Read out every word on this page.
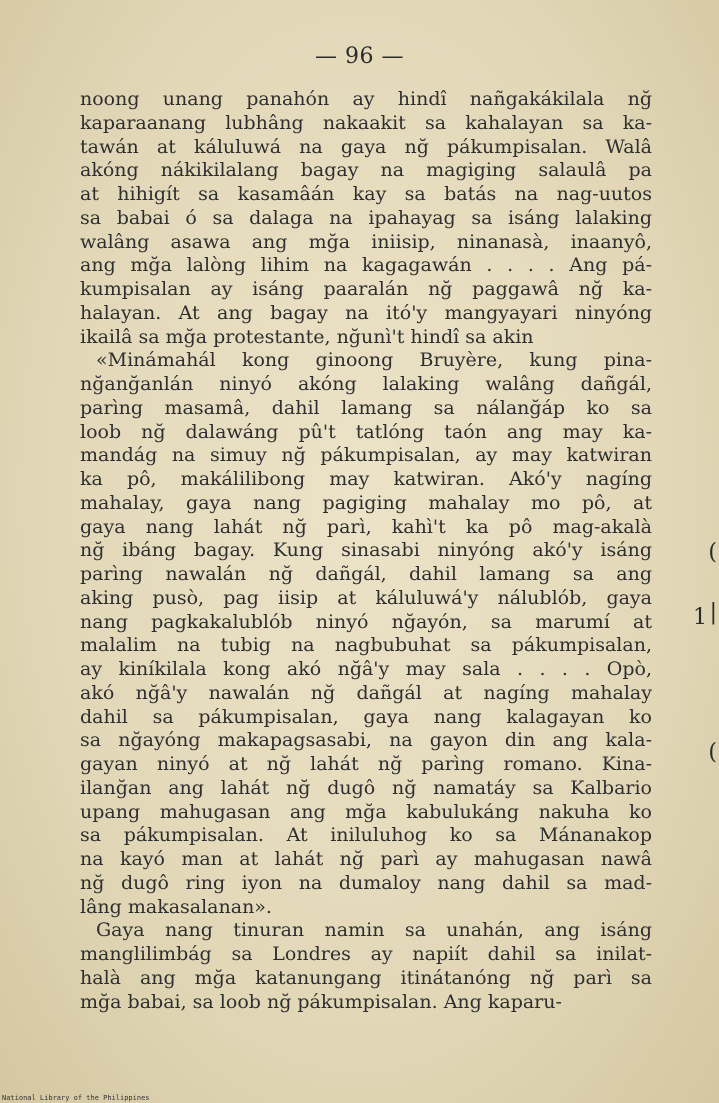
— 96 —
noong unang panahón ay hindî nañgakákilala nğ
kaparaanang lubhâng nakaakit sa kahalayan sa ka-
tawán at káluluwá na gaya nğ pákumpisalan. Walâ
akóng nákikilalang bagay na magiging salaulâ pa
at hihigít sa kasamâán kay sa batás na nag-uutos
sa babai ó sa dalaga na ipahayag sa isáng lalaking
walâng asawa ang mğa iniisip, ninanasà, inaanyô,
ang mğa lalòng lihim na kagagawán . . . . Ang pá-
kumpisalan ay isáng paaralán nğ paggawâ nğ ka-
halayan. At ang bagay na itó'y mangyayari ninyóng
ikailâ sa mğa protestante, nğunì't hindî sa akin
«Minámahál kong ginoong Bruyère, kung pina-
nğanğanlán ninyó akóng lalaking walâng dañgál,
parìng masamâ, dahil lamang sa nálanğáp ko sa
loob nğ dalawáng pû't tatlóng taón ang may ka-
mandág na simuy nğ pákumpisalan, ay may katwiran
ka pô, makálilibong may katwiran. Akó'y nagíng
mahalay, gaya nang pagiging mahalay mo pô, at
gaya nang lahát nğ parì, kahì't ka pô mag-akalà
nğ ibáng bagay. Kung sinasabi ninyóng akó'y isáng
parìng nawalán nğ dañgál, dahil lamang sa ang
aking pusò, pag iisip at káluluwá'y nálublób, gaya
nang pagkakalublób ninyó nğayón, sa marumí at
malalim na tubig na nagbubuhat sa pákumpisalan,
ay kiníkilala kong akó nğâ'y may sala . . . . Opò,
akó nğâ'y nawalán nğ dañgál at nagíng mahalay
dahil sa pákumpisalan, gaya nang kalagayan ko
sa nğayóng makapagsasabi, na gayon din ang kala-
gayan ninyó at nğ lahát nğ parìng romano. Kina-
ilanğan ang lahát nğ dugô nğ namatáy sa Kalbario
upang mahugasan ang mğa kabulukáng nakuha ko
sa pákumpisalan. At iniluluhog ko sa Mánanakop
na kayó man at lahát nğ parì ay mahugasan nawâ
nğ dugô ring iyon na dumaloy nang dahil sa mad-
lâng makasalanan».
Gaya nang tinuran namin sa unahán, ang isáng
manglilimbág sa Londres ay napiít dahil sa inilat-
halà ang mğa katanungang itinátanóng nğ parì sa
mğa babai, sa loob nğ pákumpisalan. Ang kaparu-
(
|
1
(
National Library of the Philippines
